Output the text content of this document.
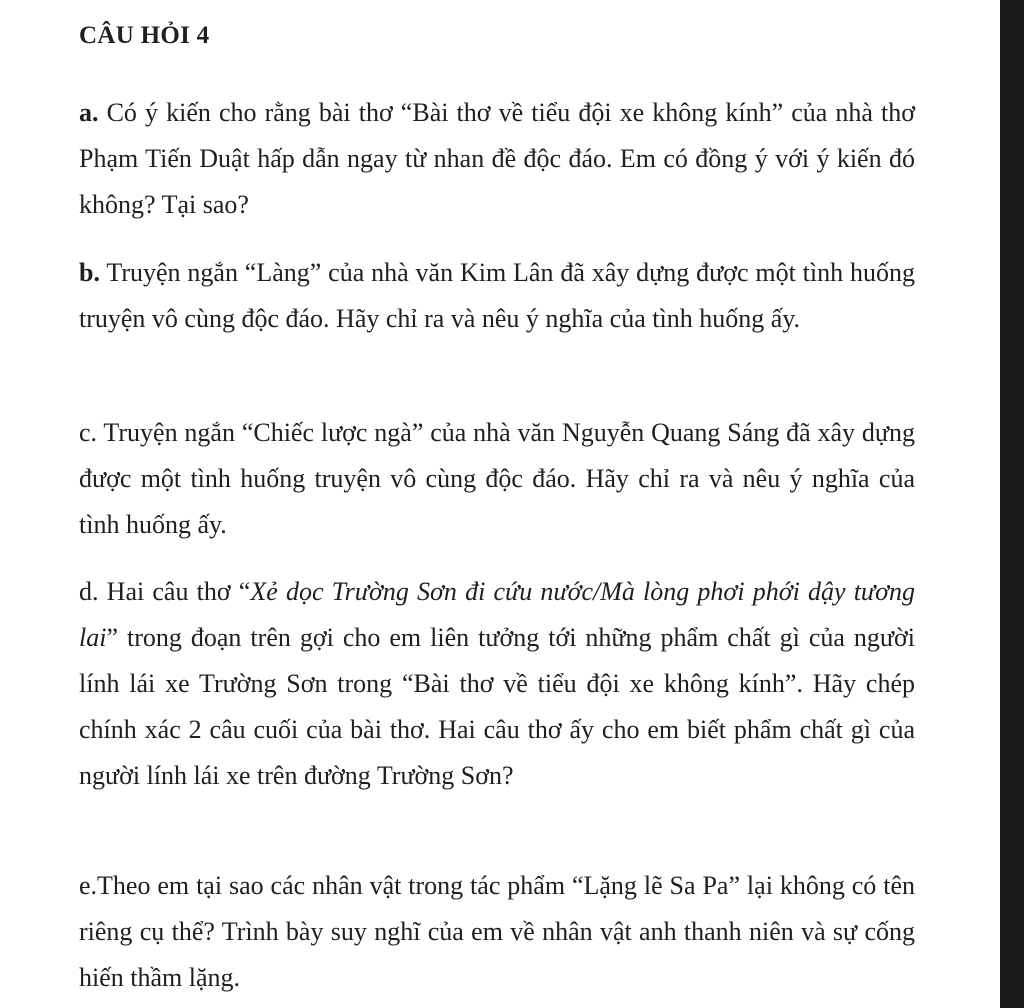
CÂU HỎI 4

a. Có ý kiến cho rằng bài thơ “Bài thơ về tiểu đội xe không kính” của nhà thơ Phạm Tiến Duật hấp dẫn ngay từ nhan đề độc đáo. Em có đồng ý với ý kiến đó không? Tại sao?

b. Truyện ngắn “Làng” của nhà văn Kim Lân đã xây dựng được một tình huống truyện vô cùng độc đáo. Hãy chỉ ra và nêu ý nghĩa của tình huống ấy.

c. Truyện ngắn “Chiếc lược ngà” của nhà văn Nguyễn Quang Sáng đã xây dựng được một tình huống truyện vô cùng độc đáo. Hãy chỉ ra và nêu ý nghĩa của tình huống ấy.

d. Hai câu thơ “Xẻ dọc Trường Sơn đi cứu nước/Mà lòng phơi phới dậy tương lai” trong đoạn trên gợi cho em liên tưởng tới những phẩm chất gì của người lính lái xe Trường Sơn trong “Bài thơ về tiểu đội xe không kính”. Hãy chép chính xác 2 câu cuối của bài thơ. Hai câu thơ ấy cho em biết phẩm chất gì của người lính lái xe trên đường Trường Sơn?

e.Theo em tại sao các nhân vật trong tác phẩm “Lặng lẽ Sa Pa” lại không có tên riêng cụ thể? Trình bày suy nghĩ của em về nhân vật anh thanh niên và sự cống hiến thầm lặng.
